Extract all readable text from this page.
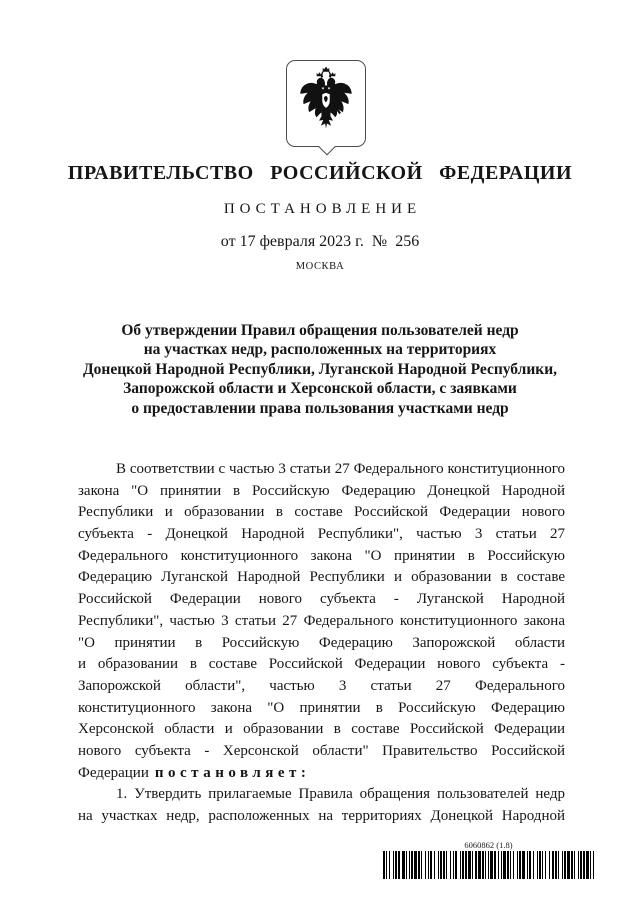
ПРАВИТЕЛЬСТВО РОССИЙСКОЙ ФЕДЕРАЦИИ
ПОСТАНОВЛЕНИЕ
от 17 февраля 2023 г.  №  256
МОСКВА
Об утверждении Правил обращения пользователей недр
на участках недр, расположенных на территориях
Донецкой Народной Республики, Луганской Народной Республики,
Запорожской области и Херсонской области, с заявками
о предоставлении права пользования участками недр
В соответствии с частью 3 статьи 27 Федерального конституционного
закона "О принятии в Российскую Федерацию Донецкой Народной
Республики и образовании в составе Российской Федерации нового
субъекта - Донецкой Народной Республики", частью 3 статьи 27
Федерального конституционного закона "О принятии в Российскую
Федерацию Луганской Народной Республики и образовании в составе
Российской Федерации нового субъекта - Луганской Народной
Республики", частью 3 статьи 27 Федерального конституционного закона
"О принятии в Российскую Федерацию Запорожской области
и образовании в составе Российской Федерации нового субъекта -
Запорожской области", частью 3 статьи 27 Федерального
конституционного закона "О принятии в Российскую Федерацию
Херсонской области и образовании в составе Российской Федерации
нового субъекта - Херсонской области" Правительство Российской
Федерации постановляет:
1. Утвердить прилагаемые Правила обращения пользователей недр
на участках недр, расположенных на территориях Донецкой Народной
6060862 (1.8)
